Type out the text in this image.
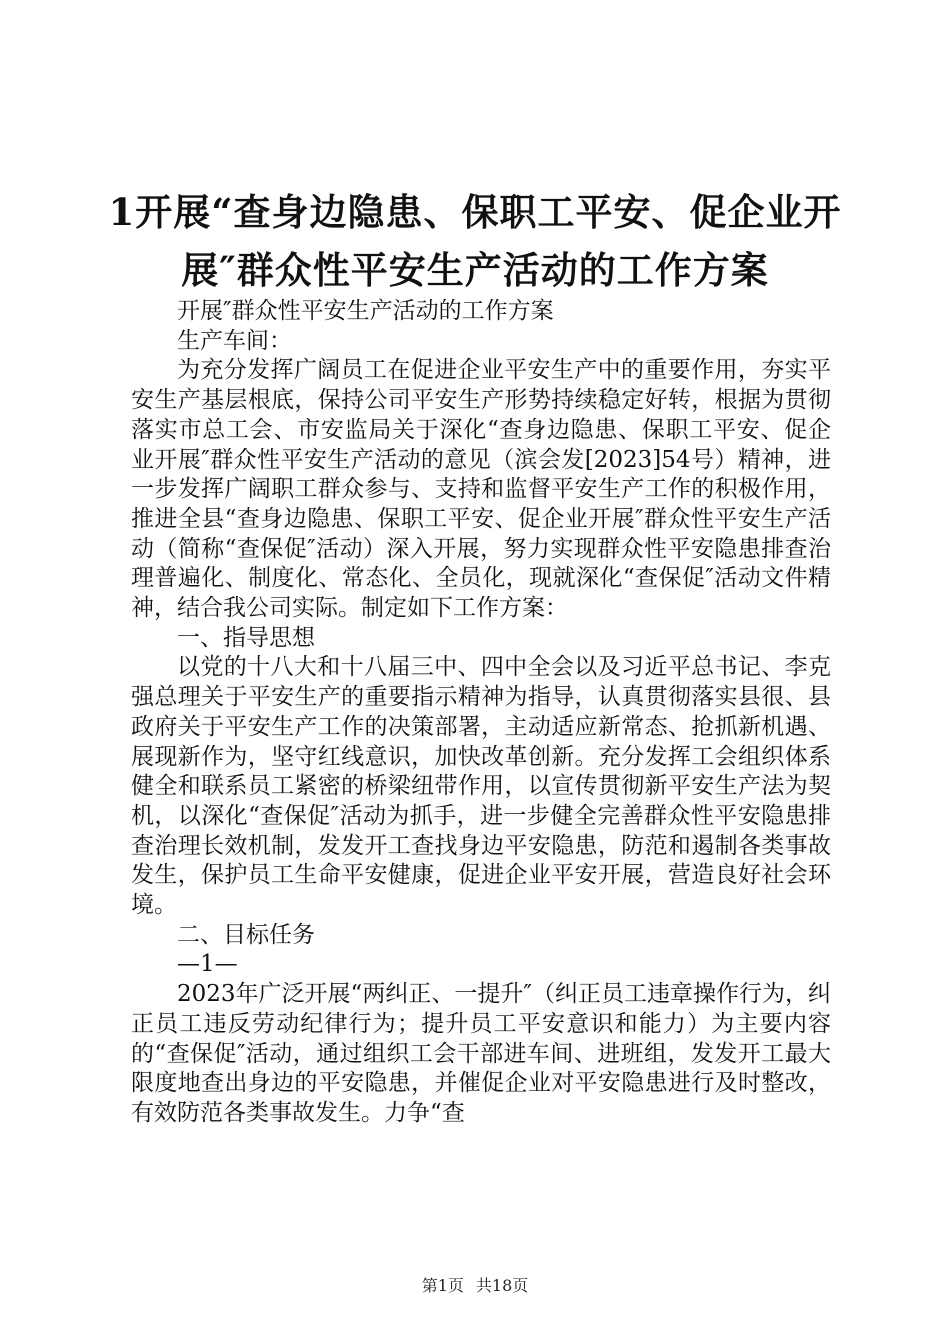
1开展“查身边隐患、保职工平安、促企业开
展″群众性平安生产活动的工作方案

开展″群众性平安生产活动的工作方案

生产车间：

为充分发挥广阔员工在促进企业平安生产中的重要作用，夯实平安生产基层根底，保持公司平安生产形势持续稳定好转，根据为贯彻落实市总工会、市安监局关于深化“查身边隐患、保职工平安、促企业开展″群众性平安生产活动的意见（滨会发[2023]54号）精神，进一步发挥广阔职工群众参与、支持和监督平安生产工作的积极作用，推进全县“查身边隐患、保职工平安、促企业开展″群众性平安生产活动（简称“查保促″活动）深入开展，努力实现群众性平安隐患排查治理普遍化、制度化、常态化、全员化，现就深化“查保促″活动文件精神，结合我公司实际。制定如下工作方案：

一、指导思想

以党的十八大和十八届三中、四中全会以及习近平总书记、李克强总理关于平安生产的重要指示精神为指导，认真贯彻落实县很、县政府关于平安生产工作的决策部署，主动适应新常态、抢抓新机遇、展现新作为，坚守红线意识，加快改革创新。充分发挥工会组织体系健全和联系员工紧密的桥梁纽带作用，以宣传贯彻新平安生产法为契机，以深化“查保促″活动为抓手，进一步健全完善群众性平安隐患排查治理长效机制，发发开工查找身边平安隐患，防范和遏制各类事故发生，保护员工生命平安健康，促进企业平安开展，营造良好社会环境。

二、目标任务

—1—

2023年广泛开展“两纠正、一提升″（纠正员工违章操作行为，纠正员工违反劳动纪律行为；提升员工平安意识和能力）为主要内容的“查保促″活动，通过组织工会干部进车间、进班组，发发开工最大限度地查出身边的平安隐患，并催促企业对平安隐患进行及时整改，有效防范各类事故发生。力争“查

第1页 共18页
